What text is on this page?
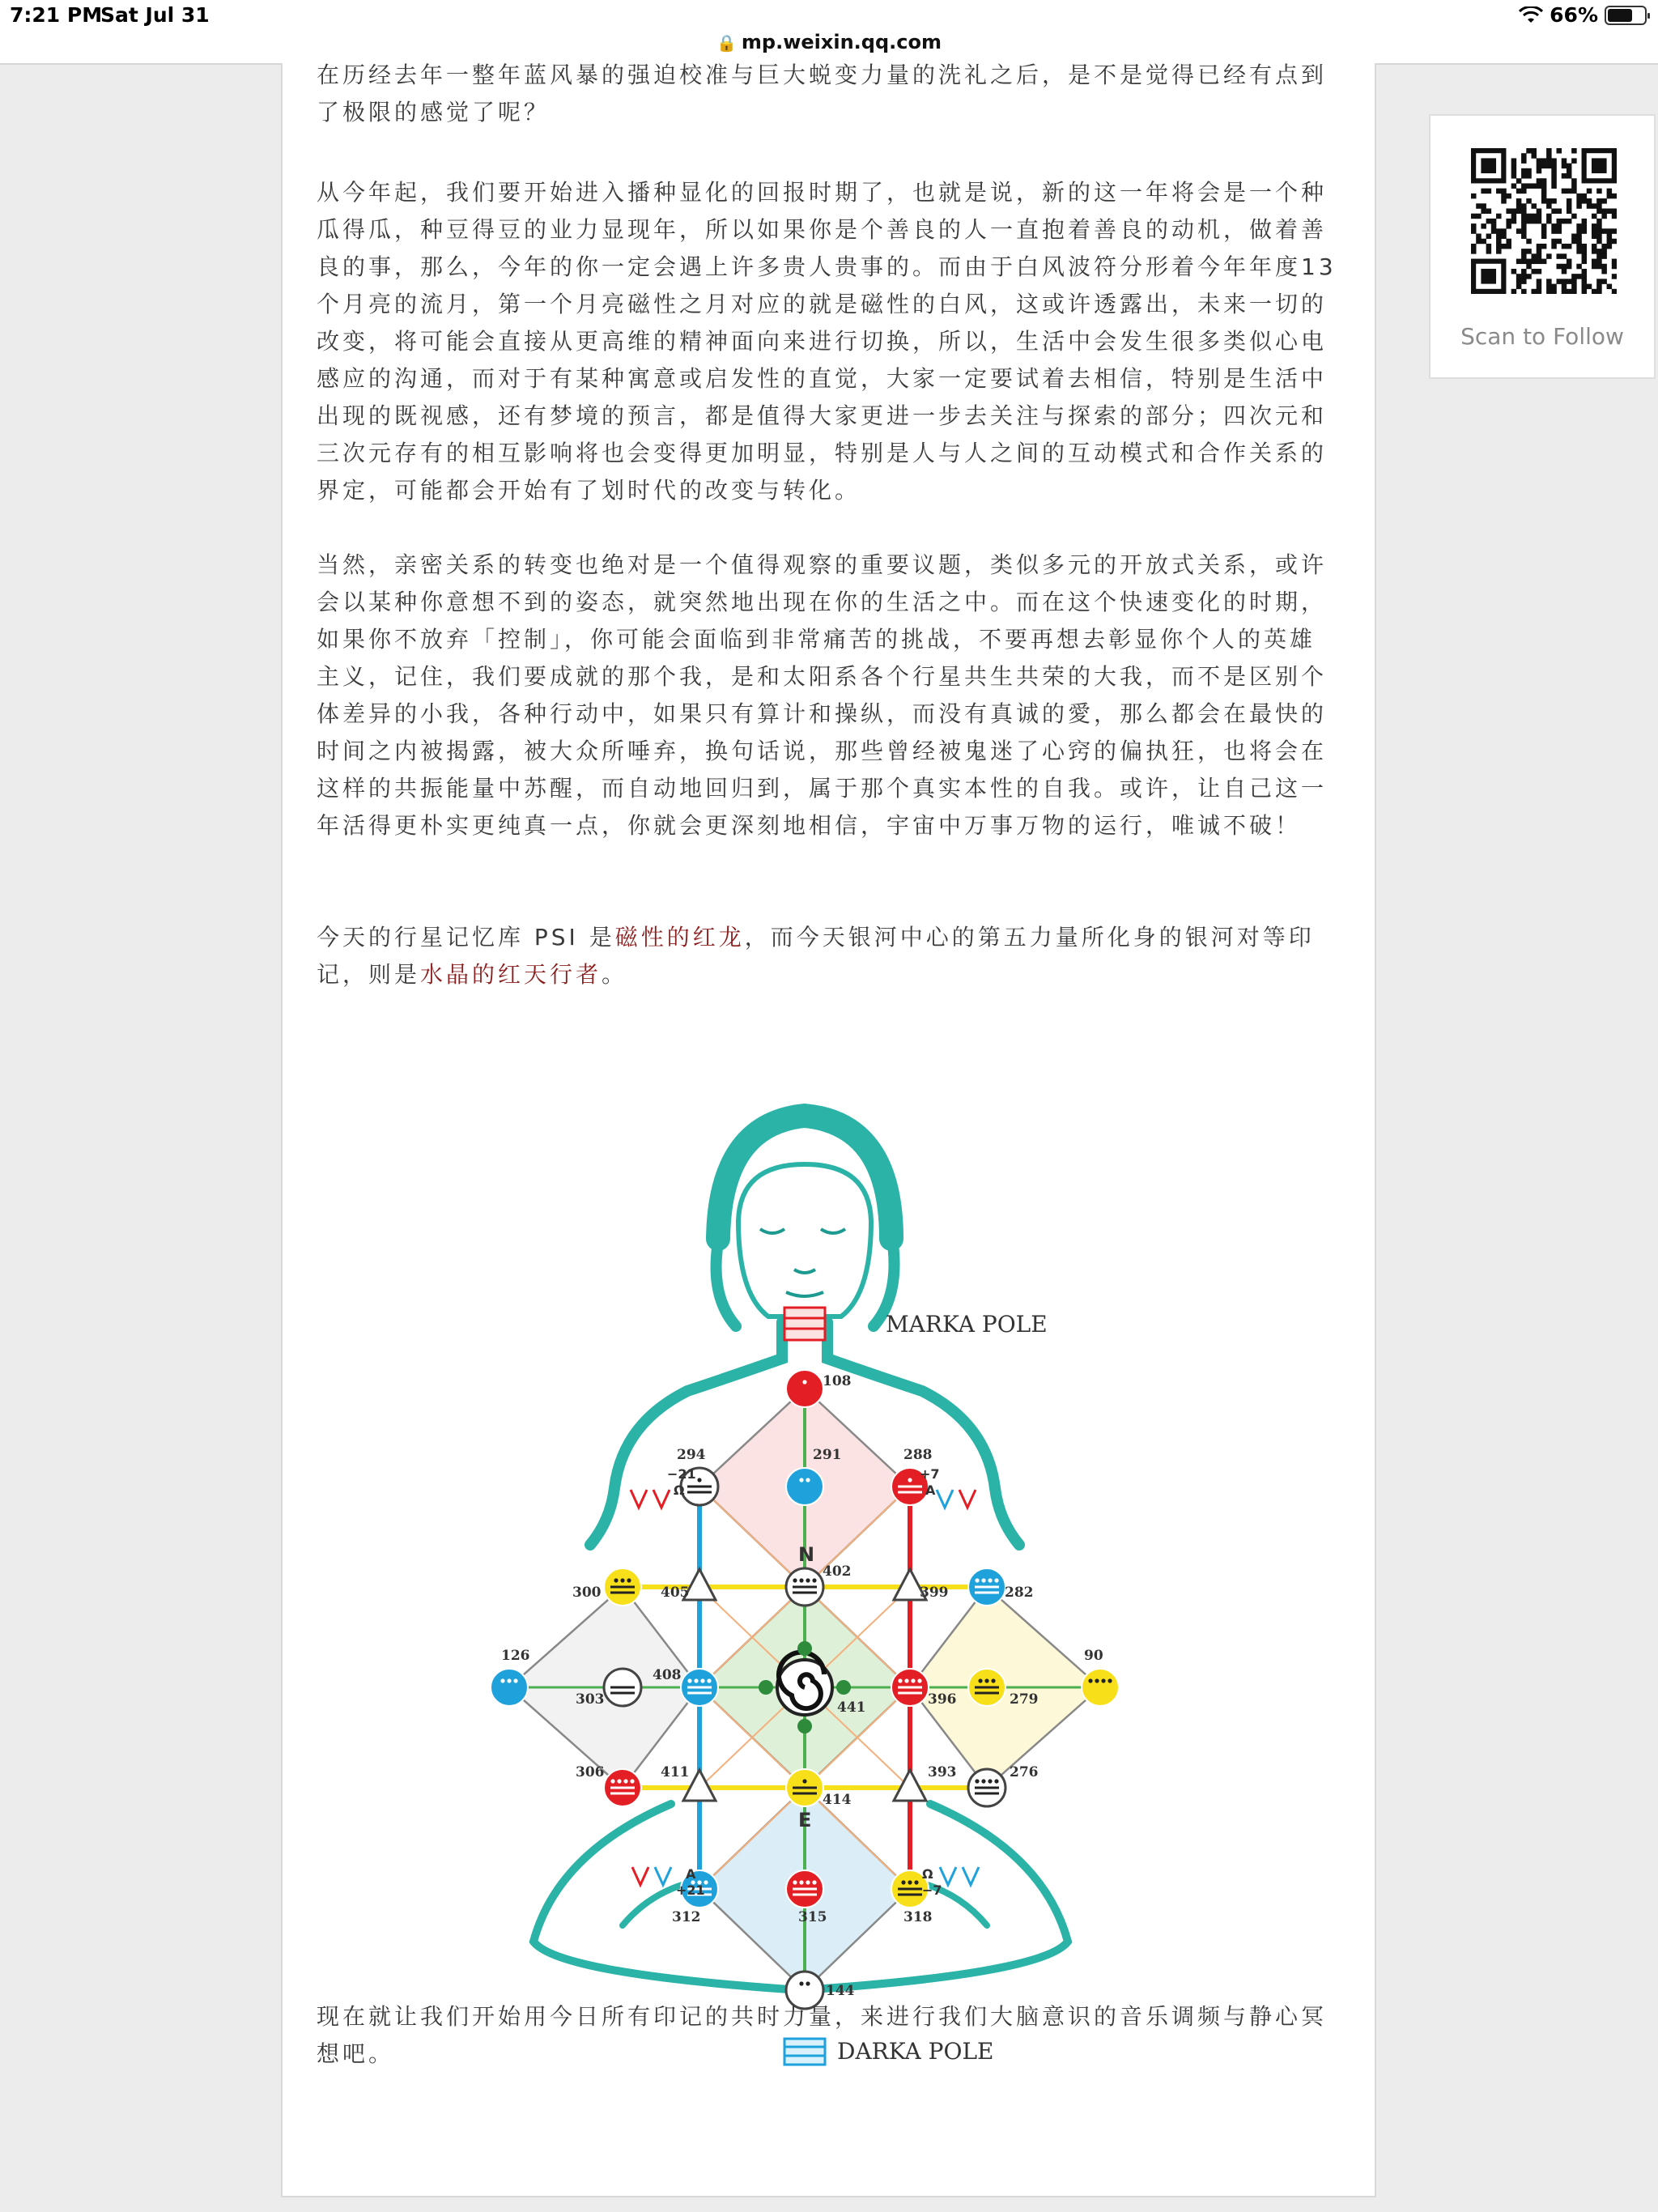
7:21 PM
Sat Jul 31
🔒 mp.weixin.qq.com
66%
在历经去年一整年蓝风暴的强迫校准与巨大蜕变力量的洗礼之后，是不是觉得已经有点到了极限的感觉了呢？
从今年起，我们要开始进入播种显化的回报时期了，也就是说，新的这一年将会是一个种瓜得瓜，种豆得豆的业力显现年，所以如果你是个善良的人一直抱着善良的动机，做着善良的事，那么，今年的你一定会遇上许多贵人贵事的。而由于白风波符分形着今年年度13个月亮的流月，第一个月亮磁性之月对应的就是磁性的白风，这或许透露出，未来一切的改变，将可能会直接从更高维的精神面向来进行切换，所以，生活中会发生很多类似心电感应的沟通，而对于有某种寓意或启发性的直觉，大家一定要试着去相信，特别是生活中出现的既视感，还有梦境的预言，都是值得大家更进一步去关注与探索的部分；四次元和三次元存有的相互影响将也会变得更加明显，特别是人与人之间的互动模式和合作关系的界定，可能都会开始有了划时代的改变与转化。
当然，亲密关系的转变也绝对是一个值得观察的重要议题，类似多元的开放式关系，或许会以某种你意想不到的姿态，就突然地出现在你的生活之中。而在这个快速变化的时期，如果你不放弃「控制」，你可能会面临到非常痛苦的挑战，不要再想去彰显你个人的英雄主义，记住，我们要成就的那个我，是和太阳系各个行星共生共荣的大我，而不是区别个体差异的小我，各种行动中，如果只有算计和操纵，而没有真诚的愛，那么都会在最快的时间之内被揭露，被大众所唾弃，换句话说，那些曾经被鬼迷了心窍的偏执狂，也将会在这样的共振能量中苏醒，而自动地回归到，属于那个真实本性的自我。或许，让自己这一年活得更朴实更纯真一点，你就会更深刻地相信，宇宙中万事万物的运行，唯诚不破！
今天的行星记忆库 PSI 是磁性的红龙，而今天银河中心的第五力量所化身的银河对等印记，则是水晶的红天行者。
108
291
294	288
402
405	399
300	282
126
303
408
441	396	279
90
306	411
414
393	276
312	315	318
144
N
E
−21
Ω
+7
A
A
+21
Ω
−7
MARKA POLE
DARKA POLE
现在就让我们开始用今日所有印记的共时力量，来进行我们大脑意识的音乐调频与静心冥想吧。
Scan to Follow
